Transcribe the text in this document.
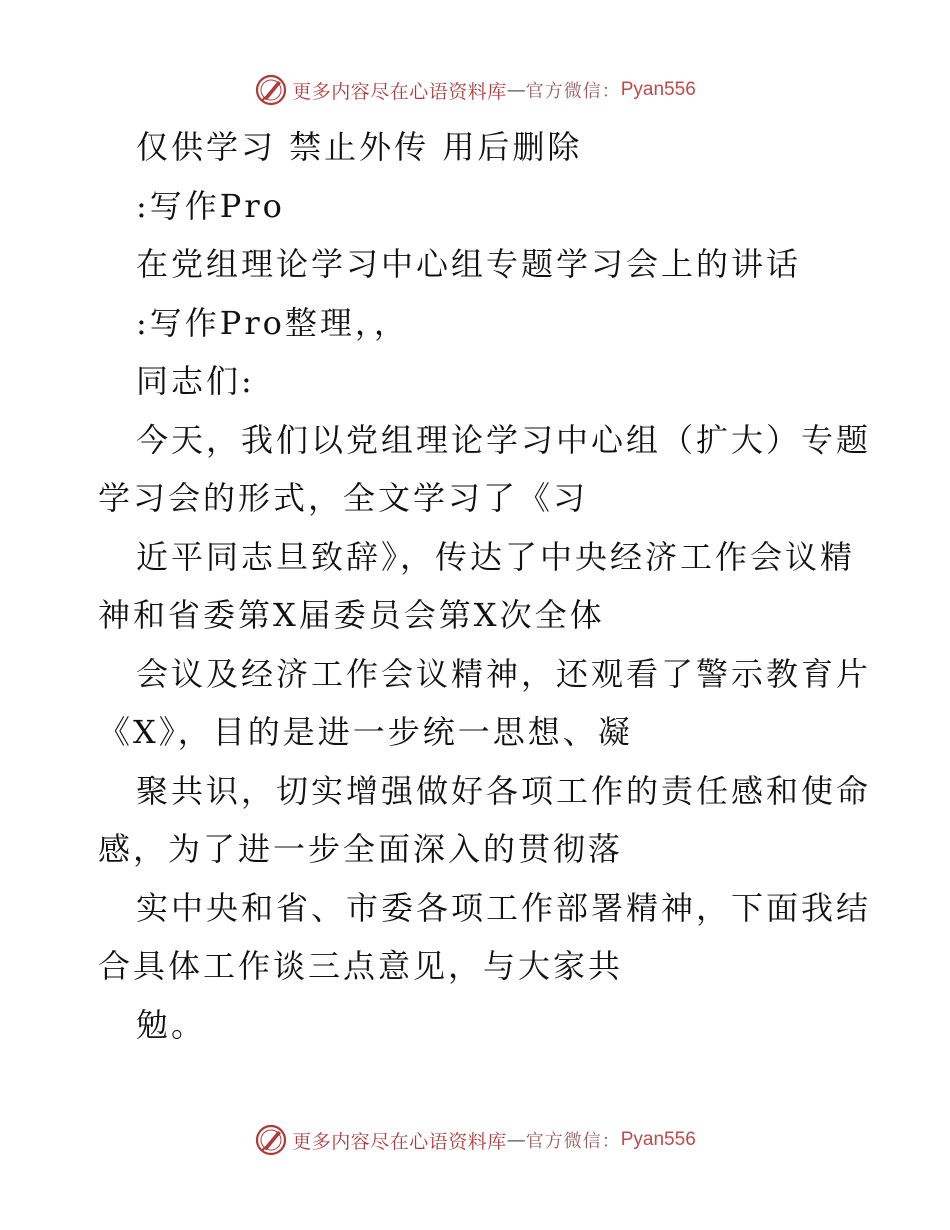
更多内容尽在心语资料库 — 官方微信： Pyan556
仅供学习 禁止外传 用后删除
:写作Pro
在党组理论学习中心组专题学习会上的讲话
:写作Pro整理，，
同志们:
今天，我们以党组理论学习中心组（扩大）专题
学习会的形式，全文学习了《习
近平同志旦致辞》，传达了中央经济工作会议精
神和省委第X届委员会第X次全体
会议及经济工作会议精神，还观看了警示教育片
《X》，目的是进一步统一思想、凝
聚共识，切实增强做好各项工作的责任感和使命
感，为了进一步全面深入的贯彻落
实中央和省、市委各项工作部署精神，下面我结
合具体工作谈三点意见，与大家共
勉。
更多内容尽在心语资料库 — 官方微信： Pyan556
